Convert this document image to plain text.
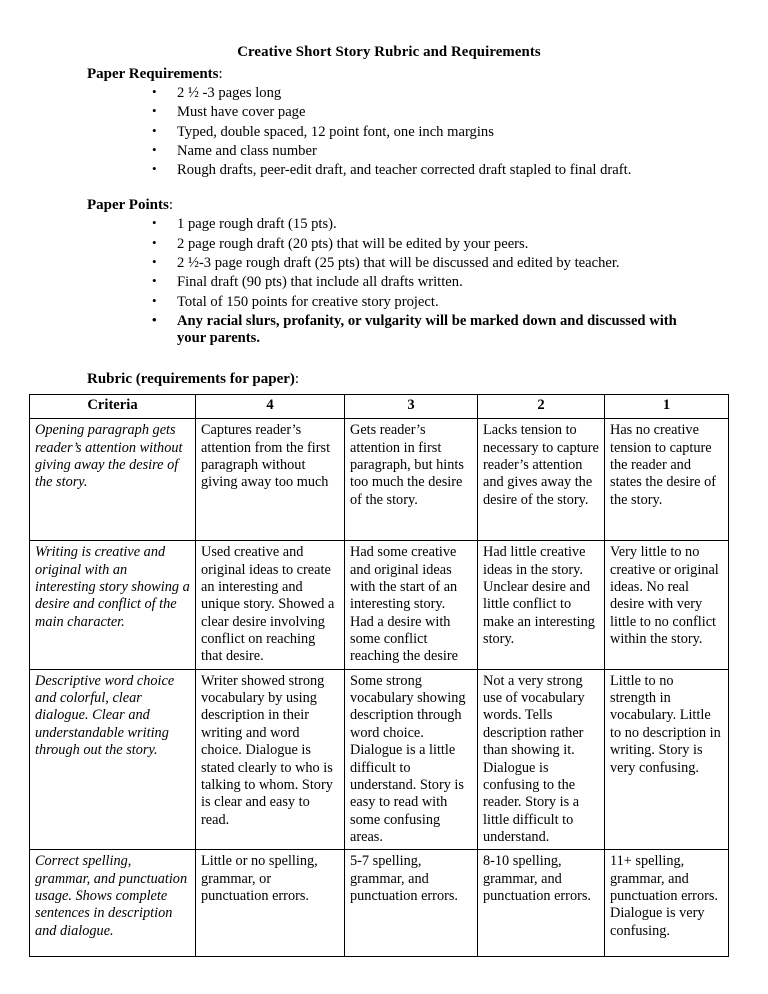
Creative Short Story Rubric and Requirements
Paper Requirements:
• 2 ½ -3 pages long
• Must have cover page
• Typed, double spaced, 12 point font, one inch margins
• Name and class number
• Rough drafts, peer-edit draft, and teacher corrected draft stapled to final draft.
Paper Points:
• 1 page rough draft (15 pts).
• 2 page rough draft (20 pts) that will be edited by your peers.
• 2 ½-3 page rough draft (25 pts) that will be discussed and edited by teacher.
• Final draft (90 pts) that include all drafts written.
• Total of 150 points for creative story project.
• Any racial slurs, profanity, or vulgarity will be marked down and discussed with your parents.
Rubric (requirements for paper):
Criteria	4	3	2	1
Opening paragraph gets reader’s attention without giving away the desire of the story.	Captures reader’s attention from the first paragraph without giving away too much	Gets reader’s attention in first paragraph, but hints too much the desire of the story.	Lacks tension to necessary to capture reader’s attention and gives away the desire of the story.	Has no creative tension to capture the reader and states the desire of the story.
Writing is creative and original with an interesting story showing a desire and conflict of the main character.	Used creative and original ideas to create an interesting and unique story. Showed a clear desire involving conflict on reaching that desire.	Had some creative and original ideas with the start of an interesting story. Had a desire with some conflict reaching the desire	Had little creative ideas in the story. Unclear desire and little conflict to make an interesting story.	Very little to no creative or original ideas. No real desire with very little to no conflict within the story.
Descriptive word choice and colorful, clear dialogue. Clear and understandable writing through out the story.	Writer showed strong vocabulary by using description in their writing and word choice. Dialogue is stated clearly to who is talking to whom. Story is clear and easy to read.	Some strong vocabulary showing description through word choice. Dialogue is a little difficult to understand. Story is easy to read with some confusing areas.	Not a very strong use of vocabulary words. Tells description rather than showing it. Dialogue is confusing to the reader. Story is a little difficult to understand.	Little to no strength in vocabulary. Little to no description in writing. Story is very confusing.
Correct spelling, grammar, and punctuation usage. Shows complete sentences in description and dialogue.	Little or no spelling, grammar, or punctuation errors.	5-7 spelling, grammar, and punctuation errors.	8-10 spelling, grammar, and punctuation errors.	11+ spelling, grammar, and punctuation errors. Dialogue is very confusing.
